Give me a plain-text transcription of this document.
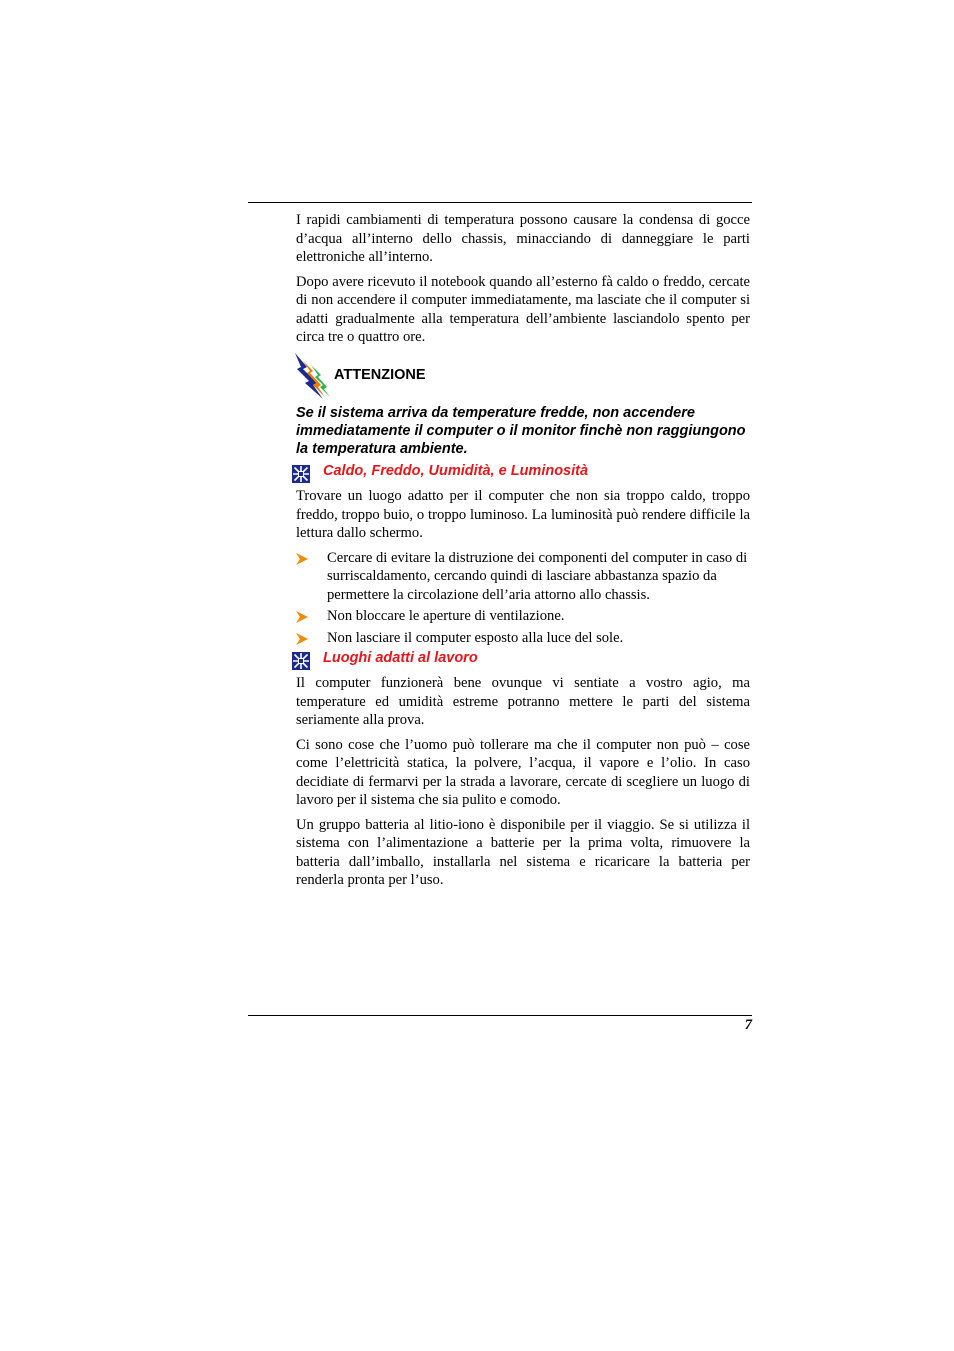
I rapidi cambiamenti di temperatura possono causare la condensa di gocce d’acqua all’interno dello chassis, minacciando di danneggiare le parti elettroniche all’interno.

Dopo avere ricevuto il notebook quando all’esterno fà caldo o freddo, cercate di non accendere il computer immediatamente, ma lasciate che il computer si adatti gradualmente alla temperatura dell’ambiente lasciandolo spento per circa tre o quattro ore.

ATTENZIONE

Se il sistema arriva da temperature fredde, non accendere immediatamente il computer o il monitor finchè non raggiungono la temperatura ambiente.

Caldo, Freddo, Uumidità, e Luminosità

Trovare un luogo adatto per il computer che non sia troppo caldo, troppo freddo, troppo buio, o troppo luminoso. La luminosità può rendere difficile la lettura dallo schermo.

Cercare di evitare la distruzione dei componenti del computer in caso di surriscaldamento, cercando quindi di lasciare abbastanza spazio da permettere la circolazione dell’aria attorno allo chassis.
Non bloccare le aperture di ventilazione.
Non lasciare il computer esposto alla luce del sole.
Luoghi adatti al lavoro

Il computer funzionerà bene ovunque vi sentiate a vostro agio, ma temperature ed umidità estreme potranno mettere le parti del sistema seriamente alla prova.

Ci sono cose che l’uomo può tollerare ma che il computer non può – cose come l’elettricità statica, la polvere, l’acqua, il vapore e l’olio. In caso decidiate di fermarvi per la strada a lavorare, cercate di scegliere un luogo di lavoro per il sistema che sia pulito e comodo.

Un gruppo batteria al litio-iono è disponibile per il viaggio. Se si utilizza il sistema con l’alimentazione a batterie per la prima volta, rimuovere la batteria dall’imballo, installarla nel sistema e ricaricare la batteria per renderla pronta per l’uso.

7
